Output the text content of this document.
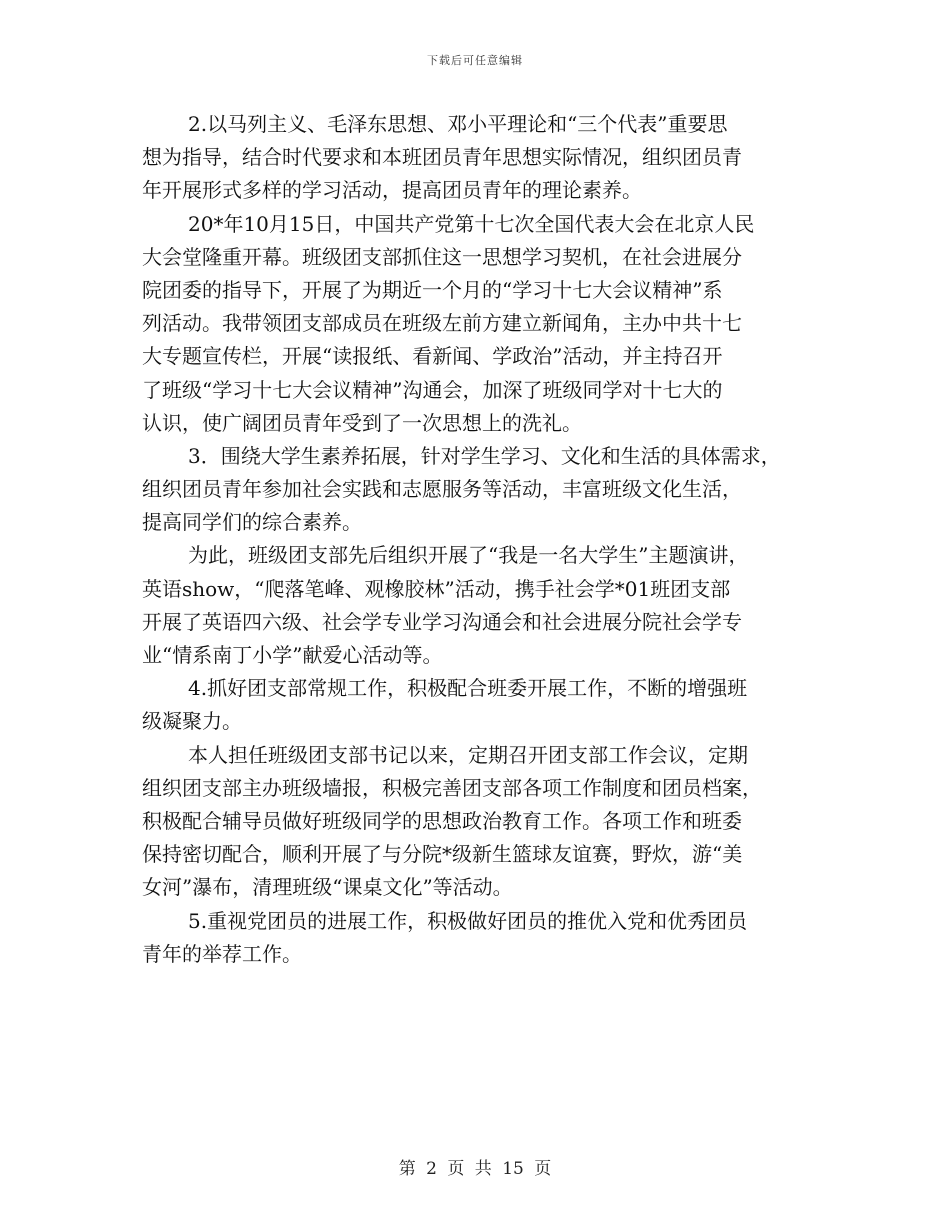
下载后可任意编辑
2.以马列主义、毛泽东思想、邓小平理论和“三个代表”重要思
想为指导，结合时代要求和本班团员青年思想实际情况，组织团员青
年开展形式多样的学习活动，提高团员青年的理论素养。
20*年10月15日，中国共产党第十七次全国代表大会在北京人民
大会堂隆重开幕。班级团支部抓住这一思想学习契机，在社会进展分
院团委的指导下，开展了为期近一个月的“学习十七大会议精神”系
列活动。我带领团支部成员在班级左前方建立新闻角，主办中共十七
大专题宣传栏，开展“读报纸、看新闻、学政治”活动，并主持召开
了班级“学习十七大会议精神”沟通会，加深了班级同学对十七大的
认识，使广阔团员青年受到了一次思想上的洗礼。
3．围绕大学生素养拓展，针对学生学习、文化和生活的具体需求，
组织团员青年参加社会实践和志愿服务等活动，丰富班级文化生活，
提高同学们的综合素养。
为此，班级团支部先后组织开展了“我是一名大学生”主题演讲，
英语show，“爬落笔峰、观橡胶林”活动，携手社会学*01班团支部
开展了英语四六级、社会学专业学习沟通会和社会进展分院社会学专
业“情系南丁小学”献爱心活动等。
4.抓好团支部常规工作，积极配合班委开展工作，不断的增强班
级凝聚力。
本人担任班级团支部书记以来，定期召开团支部工作会议，定期
组织团支部主办班级墙报，积极完善团支部各项工作制度和团员档案，
积极配合辅导员做好班级同学的思想政治教育工作。各项工作和班委
保持密切配合，顺利开展了与分院*级新生篮球友谊赛，野炊，游“美
女河”瀑布，清理班级“课桌文化”等活动。
5.重视党团员的进展工作，积极做好团员的推优入党和优秀团员
青年的举荐工作。
第 2 页 共 15 页
